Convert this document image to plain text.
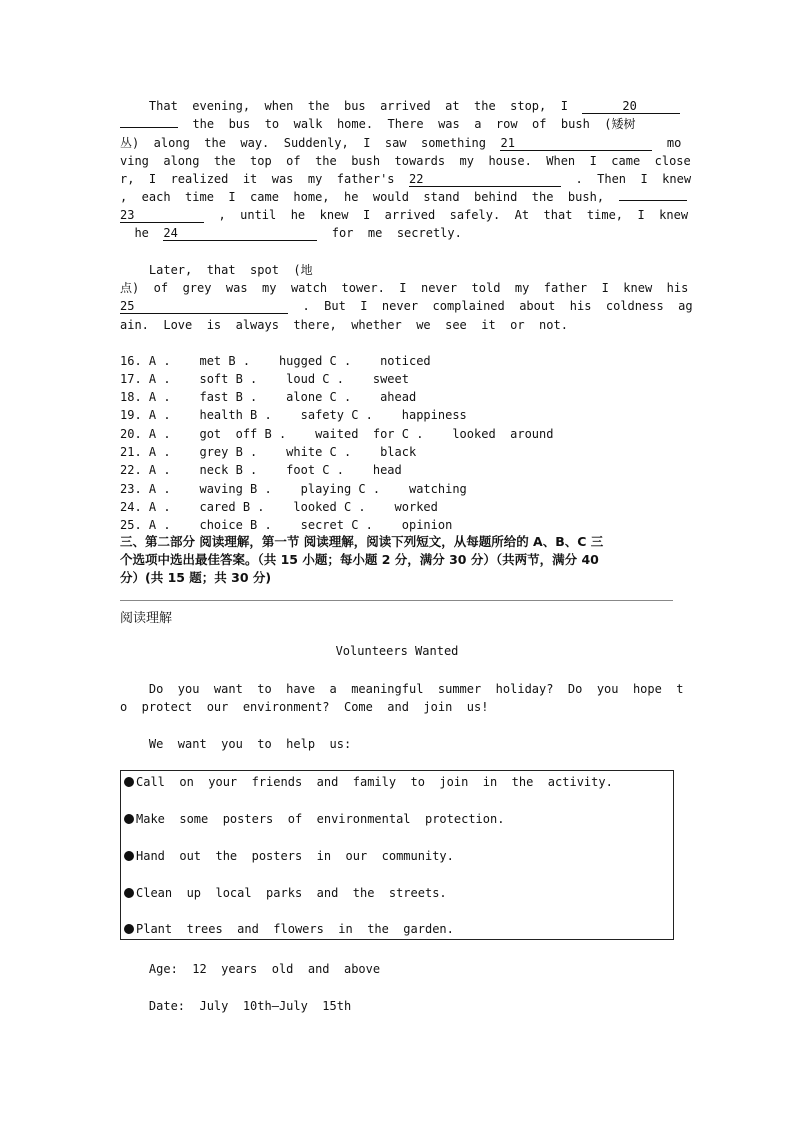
That  evening,  when  the  bus  arrived  at  the  stop,  I	20
the  bus  to  walk  home.  There  was  a  row  of  bush  (矮树
丛)  along  the  way.  Suddenly,  I  saw  something 21	mo
ving  along  the  top  of  the  bush  towards  my  house.  When  I  came  close
r,  I  realized  it  was  my  father's 22	.  Then  I  knew
,  each  time  I  came  home,  he  would  stand  behind  the  bush,
23	,  until  he  knew  I  arrived  safely.  At  that  time,  I  knew
he 24	for  me  secretly.
Later,  that  spot  (地
点)  of  grey  was  my  watch  tower.  I  never  told  my  father  I  knew  his
25	.  But  I  never  complained  about  his  coldness  ag
ain.  Love  is  always  there,  whether  we  see  it  or  not.
16. A .    met B .    hugged C .    noticed
17. A .    soft B .    loud C .    sweet
18. A .    fast B .    alone C .    ahead
19. A .    health B .    safety C .    happiness
20. A .    got  off B .    waited  for C .    looked  around
21. A .    grey B .    white C .    black
22. A .    neck B .    foot C .    head
23. A .    waving B .    playing C .    watching
24. A .    cared B .    looked C .    worked
25. A .    choice B .    secret C .    opinion
三、第二部分 阅读理解，第一节 阅读理解，阅读下列短文，从每题所给的 A、B、C 三
个选项中选出最佳答案。（共 15 小题；每小题 2 分，满分 30 分）（共两节，满分 40
分）(共 15 题；共 30 分)
阅读理解
Volunteers Wanted
Do  you  want  to  have  a  meaningful  summer  holiday?  Do  you  hope  t
o  protect  our  environment?  Come  and  join  us!
We  want  you  to  help  us:
Call  on  your  friends  and  family  to  join  in  the  activity.
Make  some  posters  of  environmental  protection.
Hand  out  the  posters  in  our  community.
Clean  up  local  parks  and  the  streets.
Plant  trees  and  flowers  in  the  garden.
Age:  12  years  old  and  above
Date:  July  10th—July  15th
